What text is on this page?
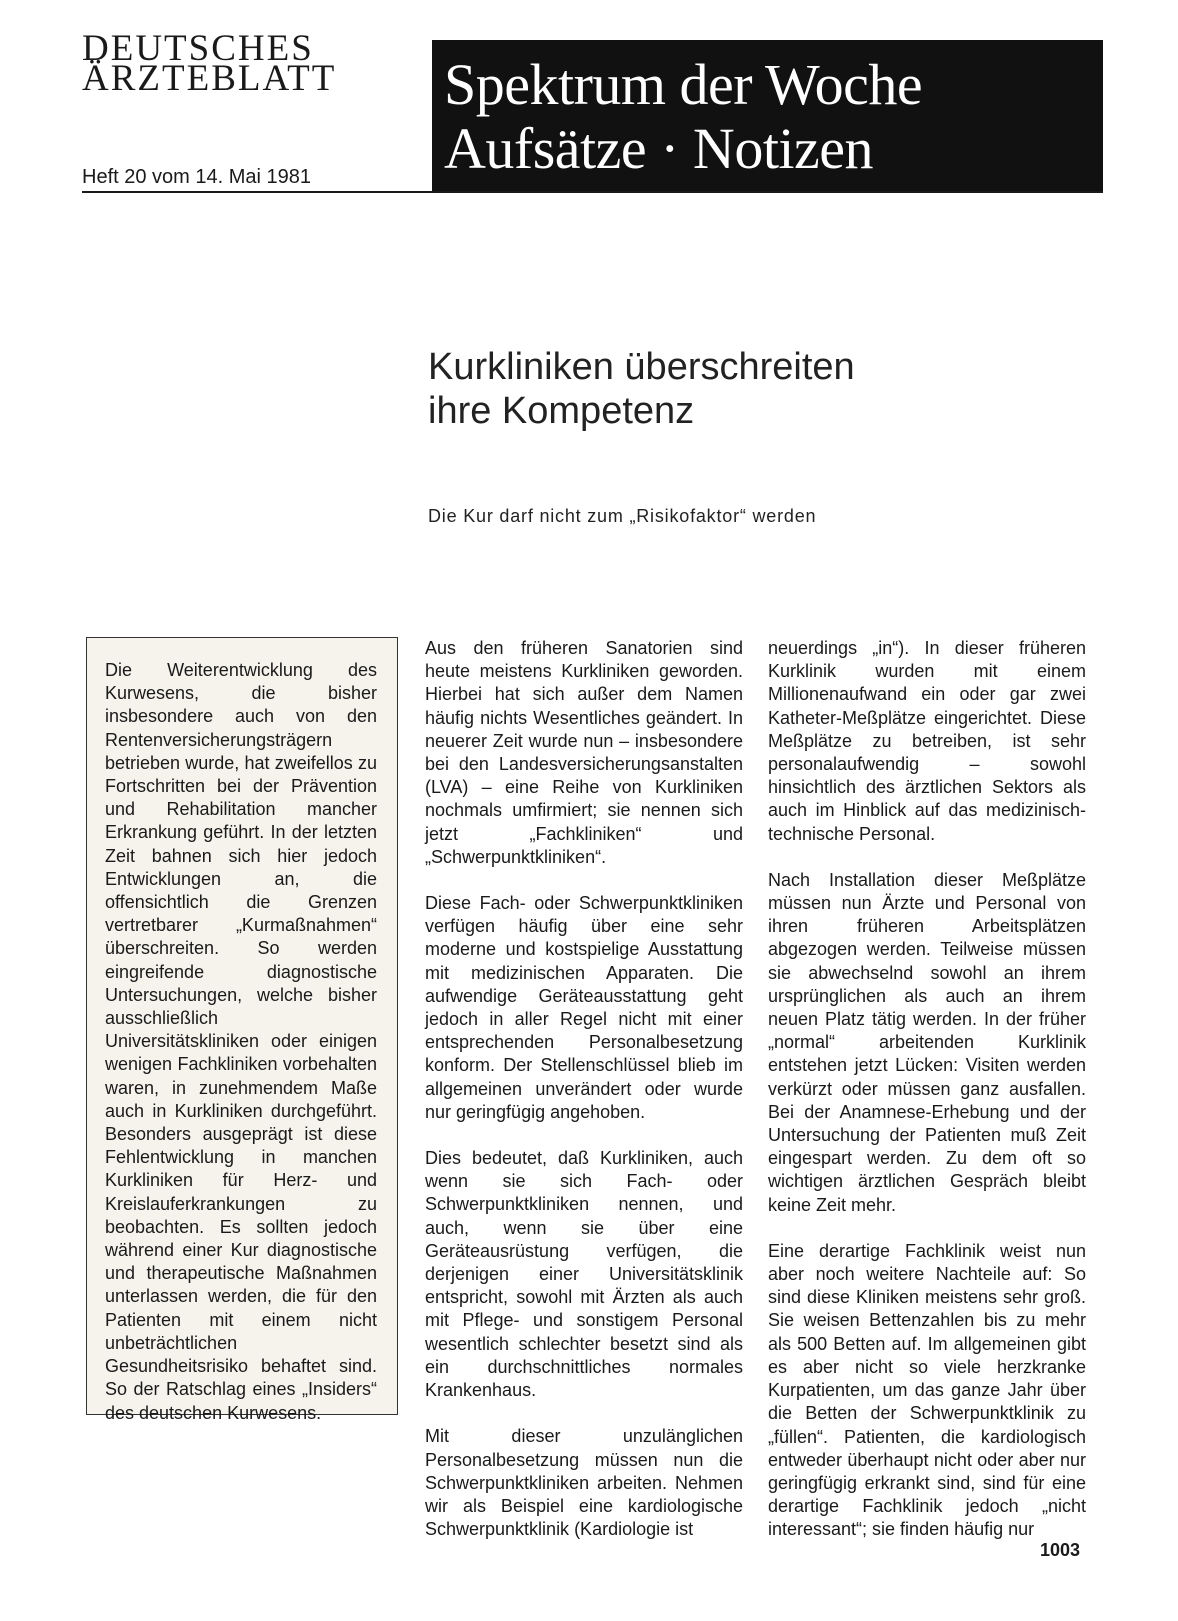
DEUTSCHES
ÄRZTEBLATT
Heft 20 vom 14. Mai 1981
Spektrum der Woche
Aufsätze · Notizen
Kurkliniken überschreiten
ihre Kompetenz
Die Kur darf nicht zum „Risikofaktor“ werden
Die Weiterentwicklung des Kurwesens, die bisher insbesondere auch von den Rentenversicherungsträgern betrieben wurde, hat zweifellos zu Fortschritten bei der Prävention und Rehabilitation mancher Erkrankung geführt. In der letzten Zeit bahnen sich hier jedoch Entwicklungen an, die offensichtlich die Grenzen vertretbarer „Kurmaßnahmen“ überschreiten. So werden eingreifende diagnostische Untersuchungen, welche bisher ausschließlich Universitätskliniken oder einigen wenigen Fachkliniken vorbehalten waren, in zunehmendem Maße auch in Kurkliniken durchgeführt. Besonders ausgeprägt ist diese Fehlentwicklung in manchen Kurkliniken für Herz- und Kreislauferkrankungen zu beobachten. Es sollten jedoch während einer Kur diagnostische und therapeutische Maßnahmen unterlassen werden, die für den Patienten mit einem nicht unbeträchtlichen Gesundheitsrisiko behaftet sind. So der Ratschlag eines „Insiders“ des deutschen Kurwesens.

Aus den früheren Sanatorien sind heute meistens Kurkliniken geworden. Hierbei hat sich außer dem Namen häufig nichts Wesentliches geändert. In neuerer Zeit wurde nun – insbesondere bei den Landesversicherungsanstalten (LVA) – eine Reihe von Kurkliniken nochmals umfirmiert; sie nennen sich jetzt „Fachkliniken“ und „Schwerpunktkliniken“.

Diese Fach- oder Schwerpunktkliniken verfügen häufig über eine sehr moderne und kostspielige Ausstattung mit medizinischen Apparaten. Die aufwendige Geräteausstattung geht jedoch in aller Regel nicht mit einer entsprechenden Personalbesetzung konform. Der Stellenschlüssel blieb im allgemeinen unverändert oder wurde nur geringfügig angehoben.

Dies bedeutet, daß Kurkliniken, auch wenn sie sich Fach- oder Schwerpunktkliniken nennen, und auch, wenn sie über eine Geräteausrüstung verfügen, die derjenigen einer Universitätsklinik entspricht, sowohl mit Ärzten als auch mit Pflege- und sonstigem Personal wesentlich schlechter besetzt sind als ein durchschnittliches normales Krankenhaus.

Mit dieser unzulänglichen Personalbesetzung müssen nun die Schwerpunktkliniken arbeiten. Nehmen wir als Beispiel eine kardiologische Schwerpunktklinik (Kardiologie ist

neuerdings „in“). In dieser früheren Kurklinik wurden mit einem Millionenaufwand ein oder gar zwei Katheter-Meßplätze eingerichtet. Diese Meßplätze zu betreiben, ist sehr personalaufwendig – sowohl hinsichtlich des ärztlichen Sektors als auch im Hinblick auf das medizinisch-technische Personal.

Nach Installation dieser Meßplätze müssen nun Ärzte und Personal von ihren früheren Arbeitsplätzen abgezogen werden. Teilweise müssen sie abwechselnd sowohl an ihrem ursprünglichen als auch an ihrem neuen Platz tätig werden. In der früher „normal“ arbeitenden Kurklinik entstehen jetzt Lücken: Visiten werden verkürzt oder müssen ganz ausfallen. Bei der Anamnese-Erhebung und der Untersuchung der Patienten muß Zeit eingespart werden. Zu dem oft so wichtigen ärztlichen Gespräch bleibt keine Zeit mehr.

Eine derartige Fachklinik weist nun aber noch weitere Nachteile auf: So sind diese Kliniken meistens sehr groß. Sie weisen Bettenzahlen bis zu mehr als 500 Betten auf. Im allgemeinen gibt es aber nicht so viele herzkranke Kurpatienten, um das ganze Jahr über die Betten der Schwerpunktklinik zu „füllen“. Patienten, die kardiologisch entweder überhaupt nicht oder aber nur geringfügig erkrankt sind, sind für eine derartige Fachklinik jedoch „nicht interessant“; sie finden häufig nur

1003
